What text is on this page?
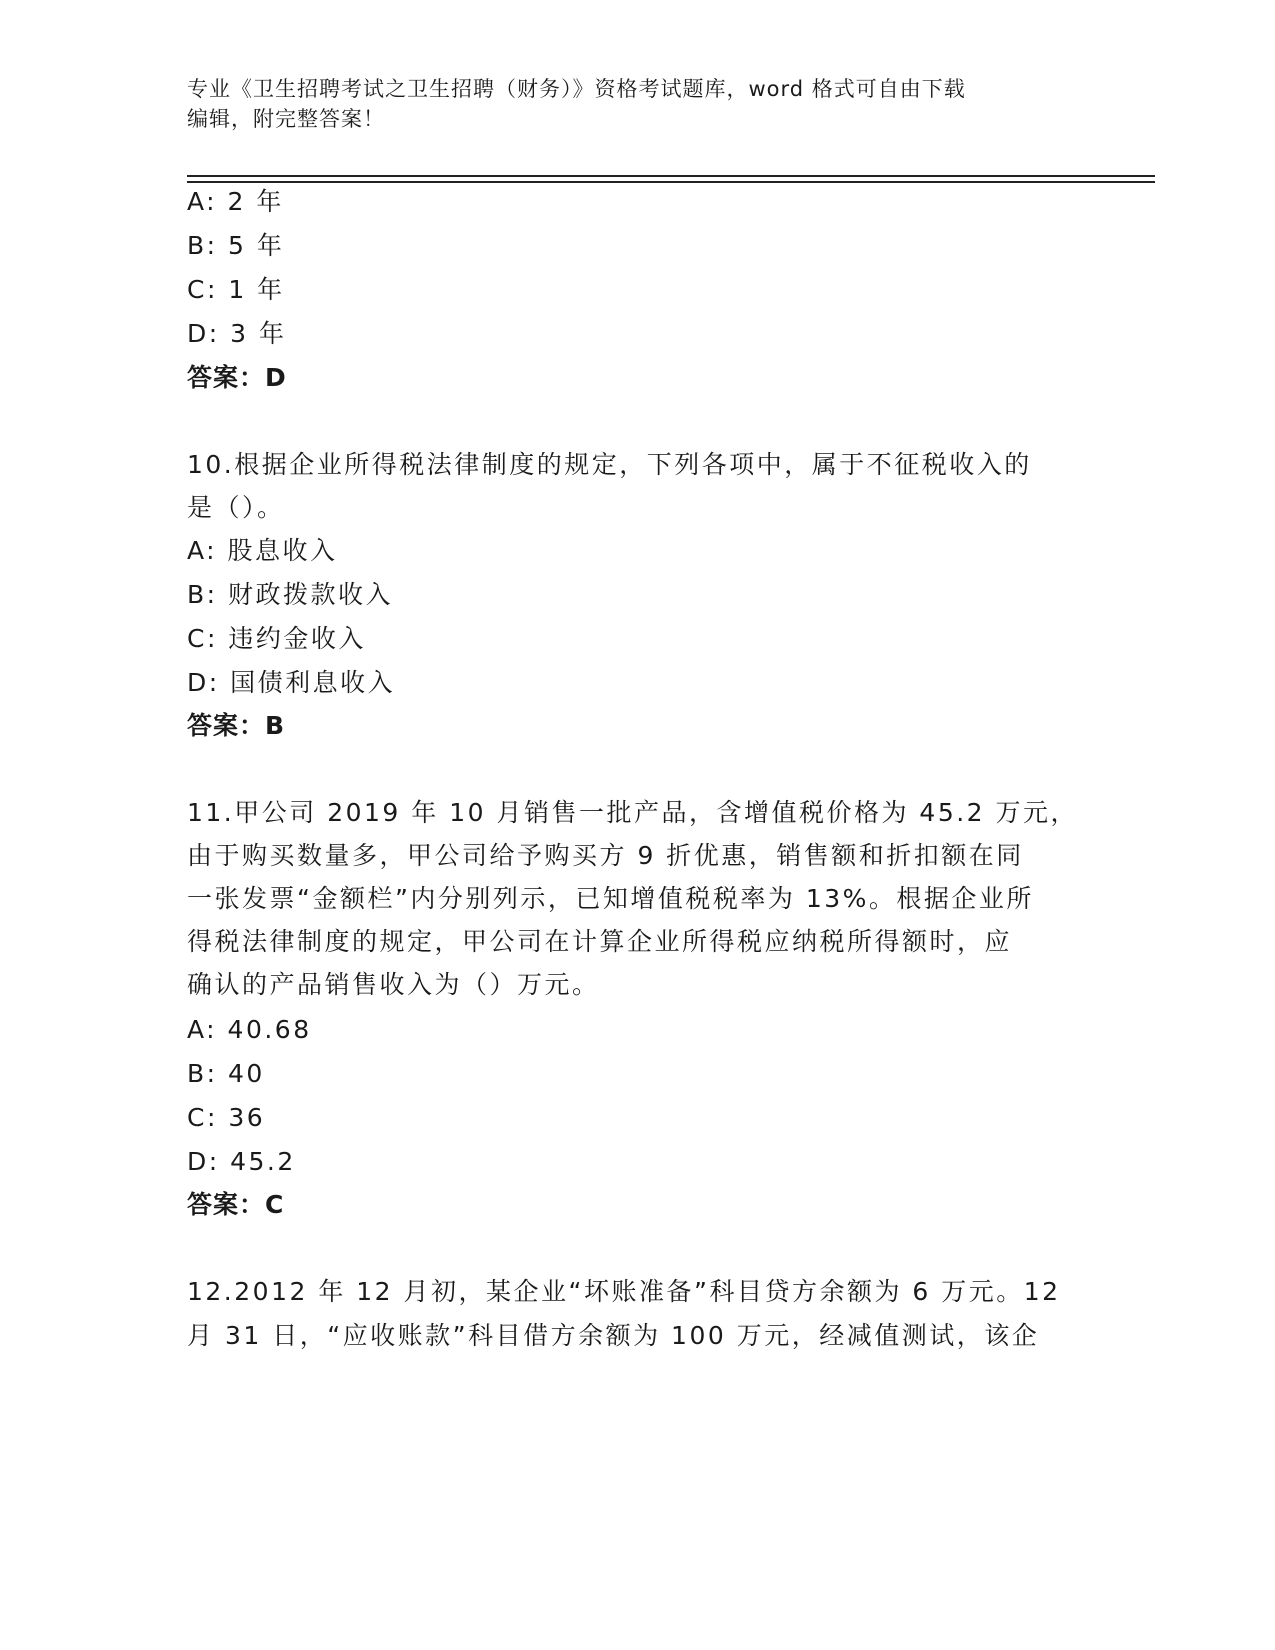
专业《卫生招聘考试之卫生招聘（财务）》资格考试题库，word 格式可自由下载
编辑，附完整答案！
A: 2 年
B: 5 年
C: 1 年
D: 3 年
答案：D
10.根据企业所得税法律制度的规定，下列各项中，属于不征税收入的
是（）。
A: 股息收入
B: 财政拨款收入
C: 违约金收入
D: 国债利息收入
答案：B
11.甲公司 2019 年 10 月销售一批产品，含增值税价格为 45.2 万元，
由于购买数量多，甲公司给予购买方 9 折优惠，销售额和折扣额在同
一张发票“金额栏”内分别列示，已知增值税税率为 13%。根据企业所
得税法律制度的规定，甲公司在计算企业所得税应纳税所得额时，应
确认的产品销售收入为（）万元。
A: 40.68
B: 40
C: 36
D: 45.2
答案：C
12.2012 年 12 月初，某企业“坏账准备”科目贷方余额为 6 万元。12
月 31 日，“应收账款”科目借方余额为 100 万元，经减值测试，该企
